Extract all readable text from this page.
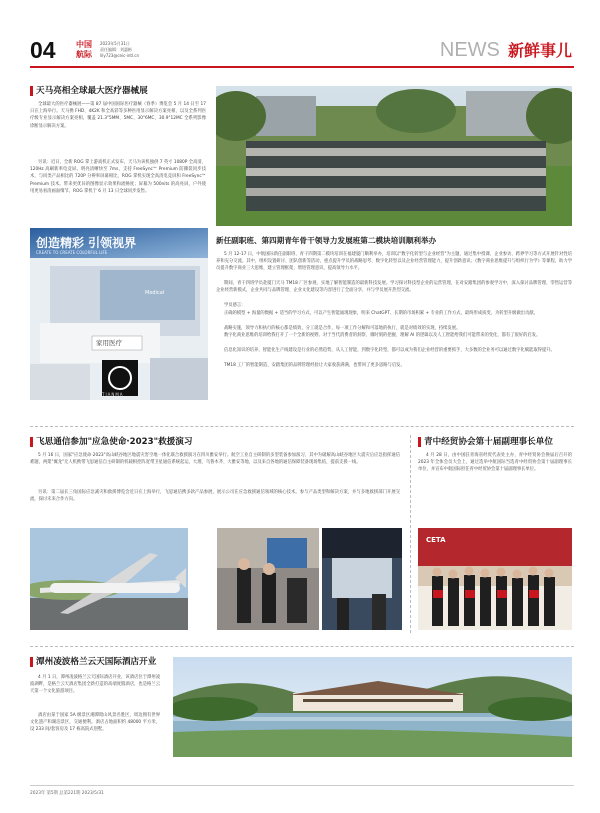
04	中国
航际
2023年5月31日
责任编辑：刘惠彬
lily723@ceic-intl.cn	NEWS 新鲜事儿
天马亮相全球最大医疗器械展

全球最大的医疗器械展——第 87 届中国国际医疗器械（春季）博览会 5 月 14 日至 17 日在上海举行。天马携 FHD、4K2K 和全高彩等多种医用显示解决方案亮相，以及全系列医疗级专业显示解决方案亮相，覆盖 21.3"5MM、5MC、30"6MC、30.9"12MC 全系列影像诊断显示解决方案。

另讯：近日，全新 ROG 掌上游戏机正式发布，天马为该机独供 7 英寸 1080P 全高清、120Hz 高刷新率电竞屏。明亮清晰快至 7ms，支持 FreeSync™ Premium 防撕裂同步技术，与同类产品相比的 720P 分辨率屏幕相比，ROG 掌机实现全高清电竞屏和 FreeSync™ Premium 技术。带来更优异的图像显示效果和流畅度；屏幕为 500nits 的高亮屏，户外使用更易看清画面细节。ROG 掌机于 6 月 13 日全球同步发售。

创造精彩 引领视界
CREATE TO CREATE COLORFUL LIFE
Medical
家用医疗
TIANMA
新任副职班、第四期青年骨干领导力发展班第二模块培训顺利举办

5 月 12-17 日，中航国际新任副职班、青干四期第二模块培训在福建厦门顺利举办，培训以"数字化转型与企业经营"为主题，通过集中授课、企业参访、跨界学习等方式开展针对性培养和充分交流。其中，组织设置研讨、团队创新等活动，重点提升学员的战略思考、数字化转型以及企业经营管理能力，提升创新意识；《数字商业思维提升与组织行为学》等课程，助力学员提升数字商业三大思维，建立管理框架，增进管理意识，提高领导力水平。

期间，青干四班学员赴厦门天马 TM18 厂区参观，实地了解智能制造的最新科技发展。学习探讨科技型企业的运营管理，在对安踏集团的参观学习中，深入探讨品牌管理、零售运营等企业经营新模式，企业共同与品牌管理、企业文化建设等内容进行了全面分享，并与学员展开热烈交流。

学员感言：

正确的模型 + 海量的数据 + 适当的学习方式，可以产生智能涌现现象，明来 ChatGPT、长期的市场积累 + 专业的工作方式，最终形成质变，为转型升级做出贡献。

战略实施，领导力和执行的核心都是绩效，分工就是合作，每一项工作分解和可落地的执行，就是对绩效的实现，持续发展。

数字化商业思维的培训给我打开了一个全新的视野。对于当代消费者的洞察、微时刻的把握、理解 AI 的逻辑以及人工智能给我们可能带来的变化，都有了很好的启发。

信息化知识的培养，智能化生产线建设是行业的必然趋势，从人工智能，到数字化转型，都可以成为我们企业经营的重要抓手，大多数的全业务可以通过数字化赋能取得提升。

TM18 工厂的智能制造、安踏集团的品牌管理经验让大家收获满满，也带回了更多思路与启发。

飞思通信参加"应急使命·2023"救援演习

5 月 16 日，国家"应急使命·2023"高山峡谷地区地震灾害空地一体化联合救援演习在四川雅安举行。航空工业自主研制的多型装备参加演习，其中为破解高山峡谷地区大震灾后应急指挥通信难题，两架"翼龙"无人机携带飞思通信自主研制的机载相控阵宽带卫星通信系统起运，大理、乌鲁木齐、大雅安等地，以及来自各地的通信保障装备现场集结，提前支援一线。

另讯：第二届长三角国际应急减灾和救援博览会近日在上海举行，飞思通信携多款产品参展，展示公司在应急救援通信领域的核心技术。参与产品类型和解决方案，并与多地救援部门开展交流，探讨未来合作方向。

青中经贸协会第十届副理事长单位

4 月 28 日，由中国驻青海省经贸代表处主办，青中经贸协会换届后召开的 2023 年全体会员大会上，通过选举中航国际当选青中经贸协会第十届副理事长单位，并宣布中航国际担任青中经贸协会第十届副理事长单位。

CETA
潭州凌波格兰云天国际酒店开业

4 月 1 日，潭州凌波格兰云天国际酒店开业，该酒店位于潭州凌波湖畔，是格兰云天酒店集团全新打造的高端度假酒店，也是格兰云天第一个文化旅游项目。

酒店由某于国家 5A 级景区湘潭昭山风景名胜区，周边拥有世界文化遗产和湖泊景区，交通便利。酒店占地面积约 48000 平方米，设 233 间/套客房及 17 栋高院式别墅。

2023年 第5期 总第221期 2023/5/31
